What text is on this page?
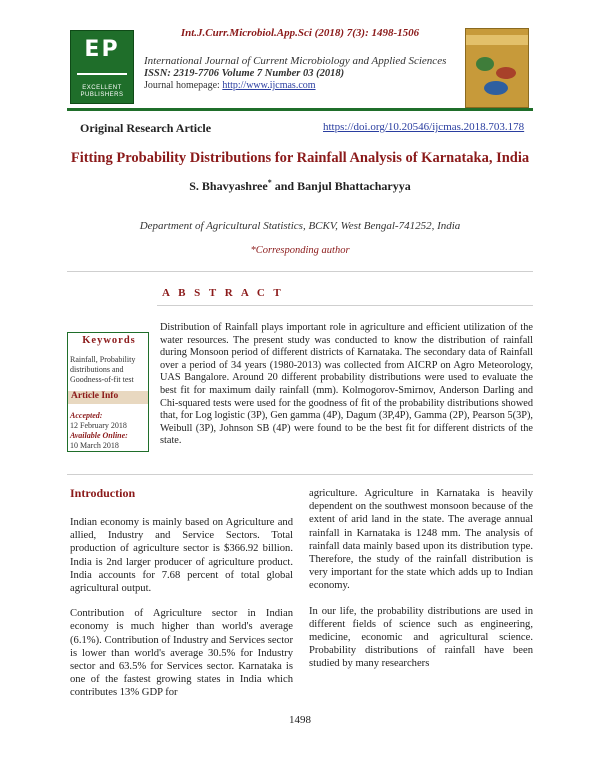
Int.J.Curr.Microbiol.App.Sci (2018) 7(3): 1498-1506
EP
EXCELLENT PUBLISHERS
International Journal of Current Microbiology and Applied Sciences
ISSN: 2319-7706 Volume 7 Number 03 (2018)
Journal homepage: http://www.ijcmas.com
Original Research Article	https://doi.org/10.20546/ijcmas.2018.703.178
Fitting Probability Distributions for Rainfall Analysis of Karnataka, India
S. Bhavyashree* and Banjul Bhattacharyya
Department of Agricultural Statistics, BCKV, West Bengal-741252, India
*Corresponding author
A B S T R A C T
Keywords
Rainfall, Probability distributions and Goodness-of-fit test
Article Info
Accepted:
12 February 2018
Available Online:
10 March 2018
Distribution of Rainfall plays important role in agriculture and efficient utilization of the water resources. The present study was conducted to know the distribution of rainfall during Monsoon period of different districts of Karnataka. The secondary data of Rainfall over a period of 34 years (1980-2013) was collected from AICRP on Agro Meteorology, UAS Bangalore. Around 20 different probability distributions were used to evaluate the best fit for maximum daily rainfall (mm). Kolmogorov-Smirnov, Anderson Darling and Chi-squared tests were used for the goodness of fit of the probability distributions showed that, for Log logistic (3P), Gen gamma (4P), Dagum (3P,4P), Gamma (2P), Pearson 5(3P), Weibull (3P), Johnson SB (4P) were found to be the best fit for different districts of the state.
Introduction

Indian economy is mainly based on Agriculture and allied, Industry and Service Sectors. Total production of agriculture sector is $366.92 billion. India is 2nd larger producer of agriculture product. India accounts for 7.68 percent of total global agricultural output.

Contribution of Agriculture sector in Indian economy is much higher than world's average (6.1%). Contribution of Industry and Services sector is lower than world's average 30.5% for Industry sector and 63.5% for Services sector. Karnataka is one of the fastest growing states in India which contributes 13% GDP for

agriculture. Agriculture in Karnataka is heavily dependent on the southwest monsoon because of the extent of arid land in the state. The average annual rainfall in Karnataka is 1248 mm. The analysis of rainfall data mainly based upon its distribution type. Therefore, the study of the rainfall distribution is very important for the state which adds up to Indian economy.

In our life, the probability distributions are used in different fields of science such as engineering, medicine, economic and agricultural science. Probability distributions of rainfall have been studied by many researchers

1498
